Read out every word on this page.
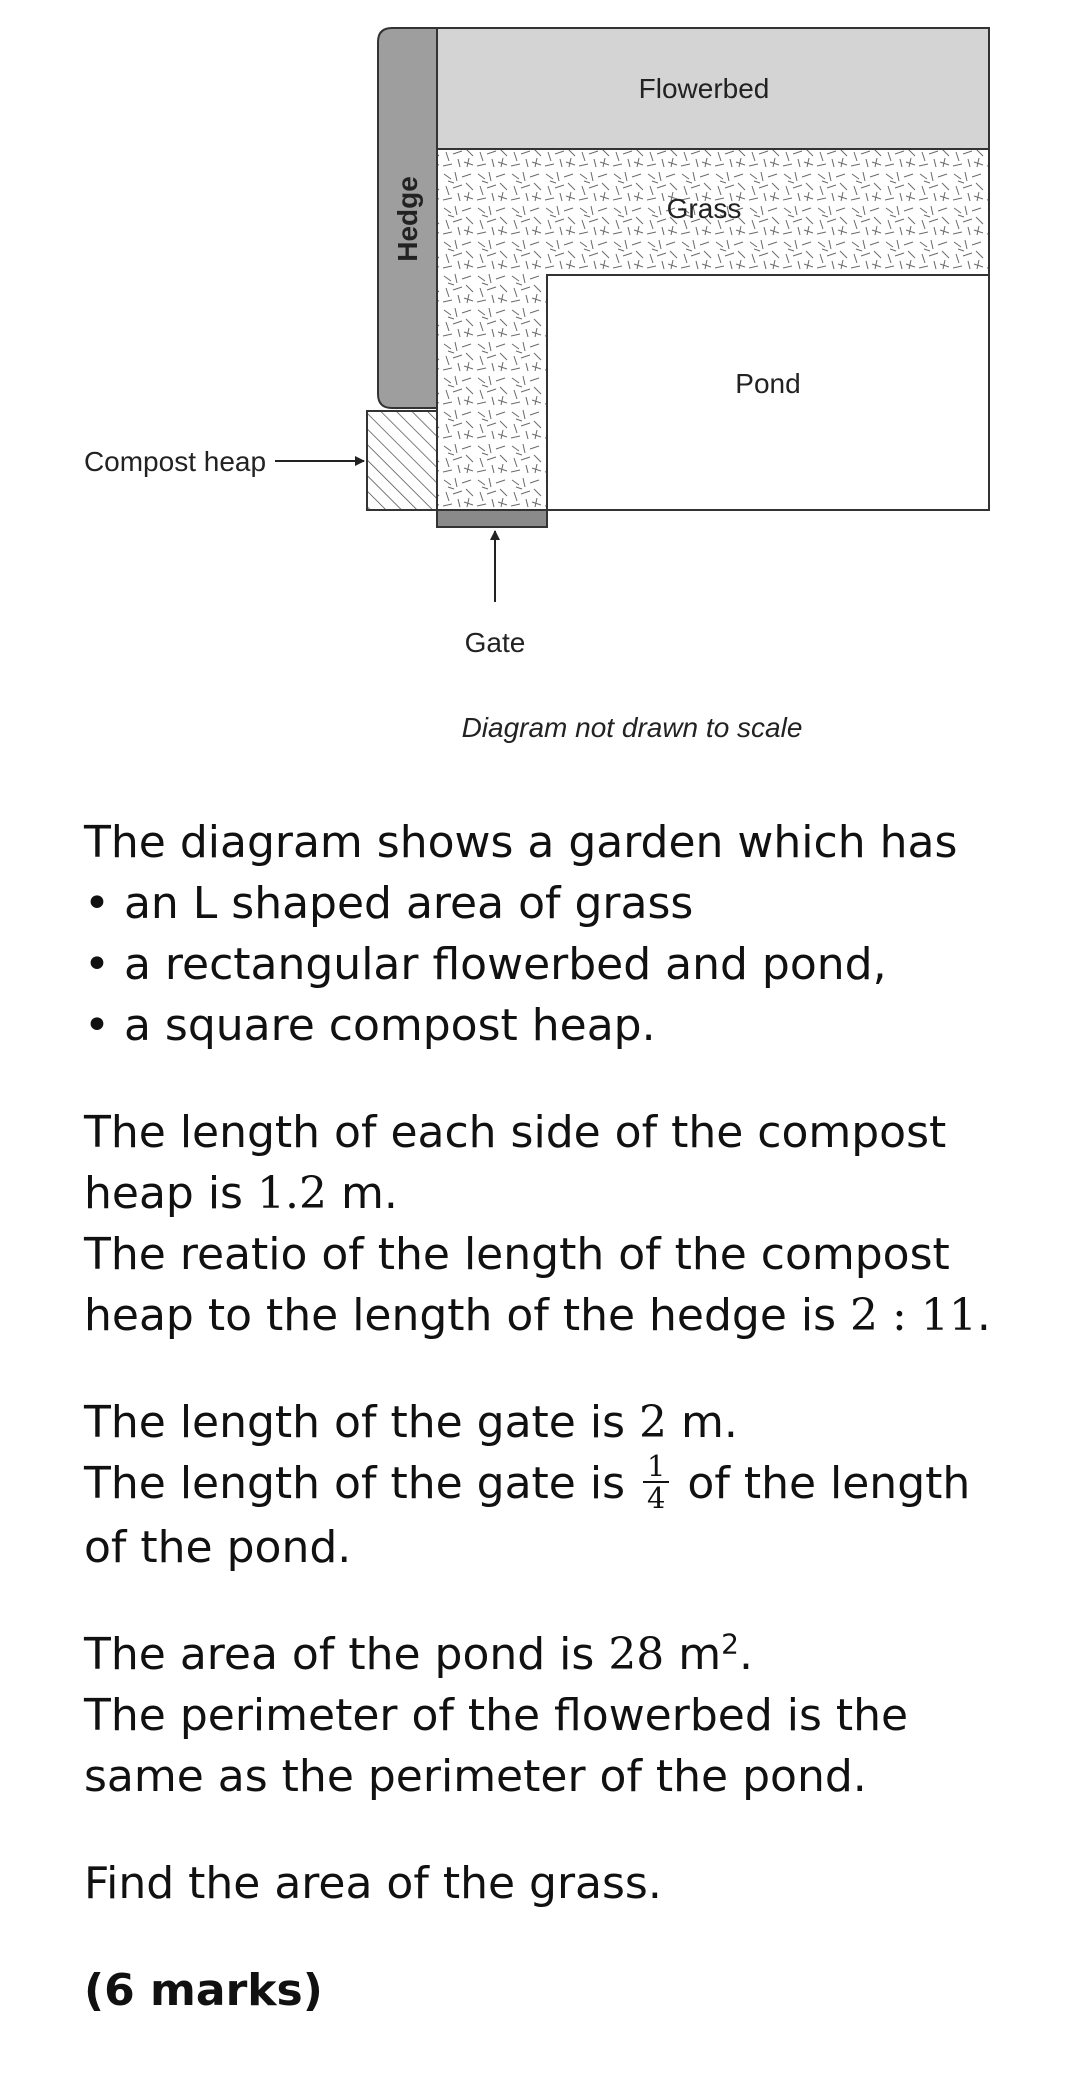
Flowerbed
Grass
Hedge
Pond
Compost heap
Gate
Diagram not drawn to scale
The diagram shows a garden which has
• an L shaped area of grass
• a rectangular flowerbed and pond,
• a square compost heap.
The length of each side of the compost
heap is 1.2 m.
The reatio of the length of the compost
heap to the length of the hedge is 2 : 11.
The length of the gate is 2 m.
The length of the gate is $\frac{1}{4}$ of the length
of the pond.
The area of the pond is 28 $m^2$.
The perimeter of the flowerbed is the
same as the perimeter of the pond.
Find the area of the grass.
(6 marks)
